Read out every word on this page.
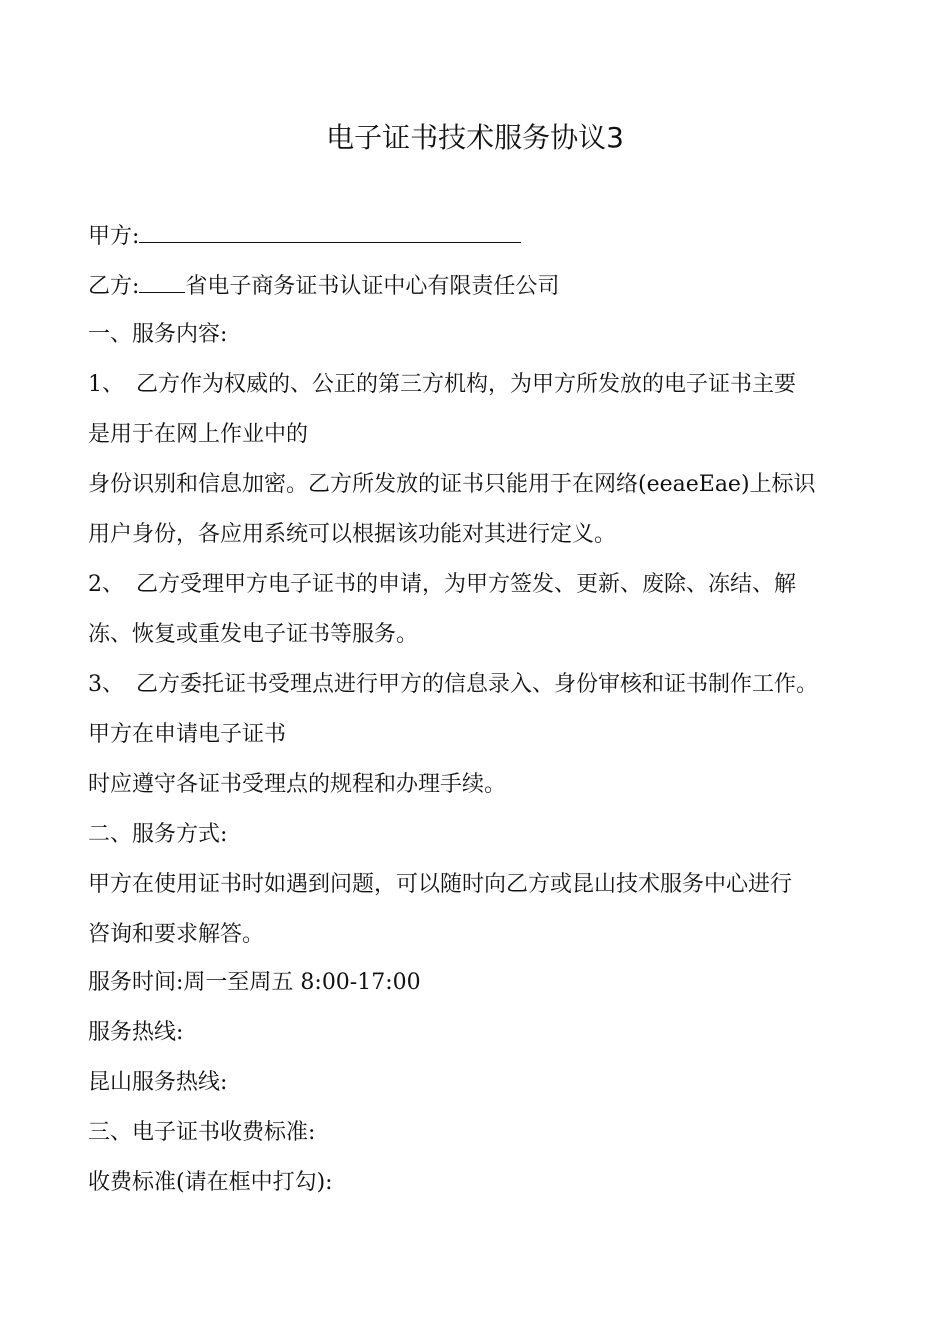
电子证书技术服务协议3
甲方:
乙方: 省电子商务证书认证中心有限责任公司
一、服务内容:
1、 乙方作为权威的、公正的第三方机构，为甲方所发放的电子证书主要
是用于在网上作业中的
身份识别和信息加密。乙方所发放的证书只能用于在网络(eeaeEae)上标识
用户身份，各应用系统可以根据该功能对其进行定义。
2、 乙方受理甲方电子证书的申请，为甲方签发、更新、废除、冻结、解
冻、恢复或重发电子证书等服务。
3、 乙方委托证书受理点进行甲方的信息录入、身份审核和证书制作工作。
甲方在申请电子证书
时应遵守各证书受理点的规程和办理手续。
二、服务方式:
甲方在使用证书时如遇到问题，可以随时向乙方或昆山技术服务中心进行
咨询和要求解答。
服务时间:周一至周五 8:00-17:00
服务热线:
昆山服务热线:
三、电子证书收费标准:
收费标准(请在框中打勾):
